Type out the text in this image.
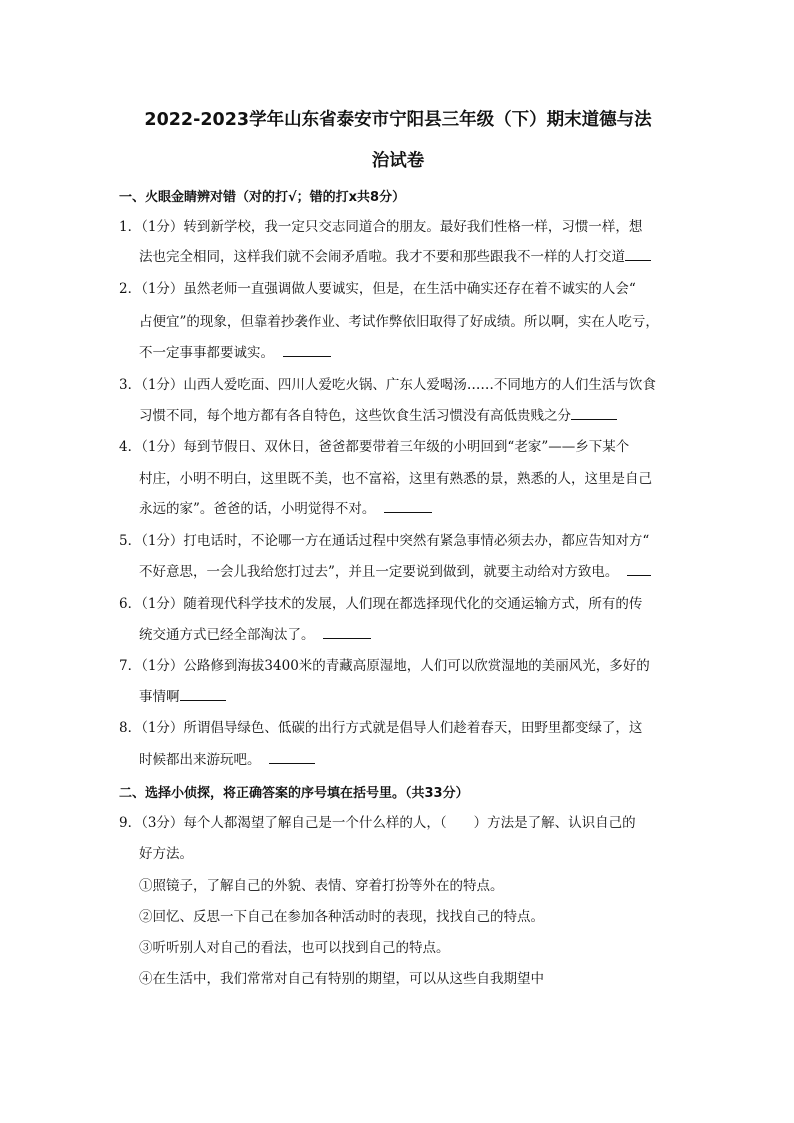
2022-2023学年山东省泰安市宁阳县三年级（下）期末道德与法
治试卷
一、火眼金睛辨对错（对的打√；错的打x共8分）
1．（1分）转到新学校，我一定只交志同道合的朋友。最好我们性格一样，习惯一样，想
法也完全相同，这样我们就不会闹矛盾啦。我才不要和那些跟我不一样的人打交道
2．（1分）虽然老师一直强调做人要诚实，但是，在生活中确实还存在着不诚实的人会“
占便宜”的现象，但靠着抄袭作业、考试作弊依旧取得了好成绩。所以啊，实在人吃亏，
不一定事事都要诚实。
3．（1分）山西人爱吃面、四川人爱吃火锅、广东人爱喝汤……不同地方的人们生活与饮食
习惯不同，每个地方都有各自特色，这些饮食生活习惯没有高低贵贱之分
4．（1分）每到节假日、双休日，爸爸都要带着三年级的小明回到“老家”——乡下某个
村庄，小明不明白，这里既不美，也不富裕，这里有熟悉的景，熟悉的人，这里是自己
永远的家”。爸爸的话，小明觉得不对。
5．（1分）打电话时，不论哪一方在通话过程中突然有紧急事情必须去办，都应告知对方“
不好意思，一会儿我给您打过去”，并且一定要说到做到，就要主动给对方致电。
6．（1分）随着现代科学技术的发展，人们现在都选择现代化的交通运输方式，所有的传
统交通方式已经全部淘汰了。
7．（1分）公路修到海拔3400米的青藏高原湿地，人们可以欣赏湿地的美丽风光，多好的
事情啊
8．（1分）所谓倡导绿色、低碳的出行方式就是倡导人们趁着春天，田野里都变绿了，这
时候都出来游玩吧。
二、选择小侦探，将正确答案的序号填在括号里。（共33分）
9．（3分）每个人都渴望了解自己是一个什么样的人，（　　）方法是了解、认识自己的
好方法。
①照镜子，了解自己的外貌、表情、穿着打扮等外在的特点。
②回忆、反思一下自己在参加各种活动时的表现，找找自己的特点。
③听听别人对自己的看法，也可以找到自己的特点。
④在生活中，我们常常对自己有特别的期望，可以从这些自我期望中
